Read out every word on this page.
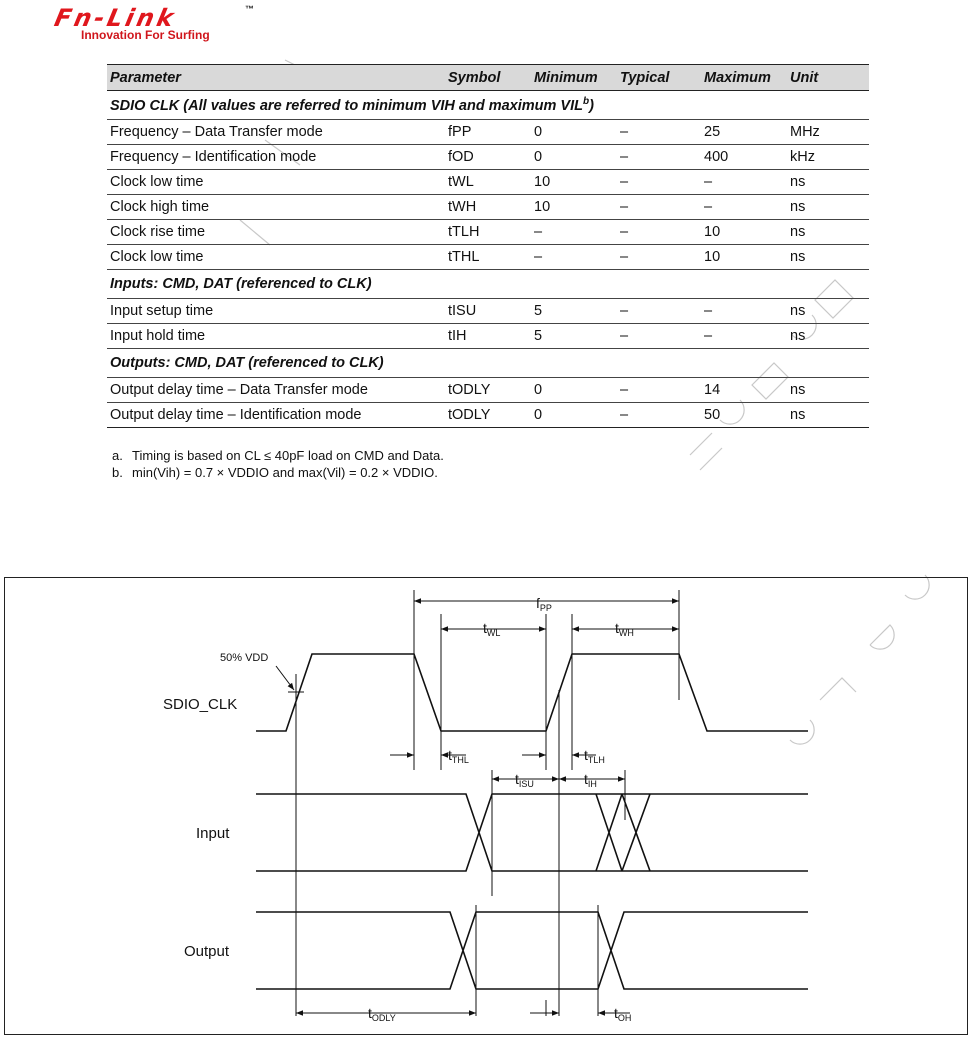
Fn-Link	™
Innovation For Surfing
Parameter	Symbol	Minimum	Typical	Maximum	Unit
SDIO CLK (All values are referred to minimum VIH and maximum VIL$^b$)					
Frequency – Data Transfer mode	fPP	0	–	25	MHz
Frequency – Identification mode	fOD	0	–	400	kHz
Clock low time	tWL	10	–	–	ns
Clock high time	tWH	10	–	–	ns
Clock rise time	tTLH	–	–	10	ns
Clock low time	tTHL	–	–	10	ns
Inputs: CMD, DAT (referenced to CLK)					
Input setup time	tISU	5	–	–	ns
Input hold time	tIH	5	–	–	ns
Outputs: CMD, DAT (referenced to CLK)					
Output delay time – Data Transfer mode	tODLY	0	–	14	ns
Output delay time – Identification mode	tODLY	0	–	50	ns
a. Timing is based on CL ≤ 40pF load on CMD and Data.
b. min(Vih) = 0.7 × VDDIO and max(Vil) = 0.2 × VDDIO.
SDIO_CLK
Input
Output
50% VDD
$f_{PP}$
$t_{WL}$	$t_{WH}$
$t_{THL}$	$t_{TLH}$
$t_{ISU}$	$t_{IH}$
$t_{ODLY}$	$t_{OH}$
